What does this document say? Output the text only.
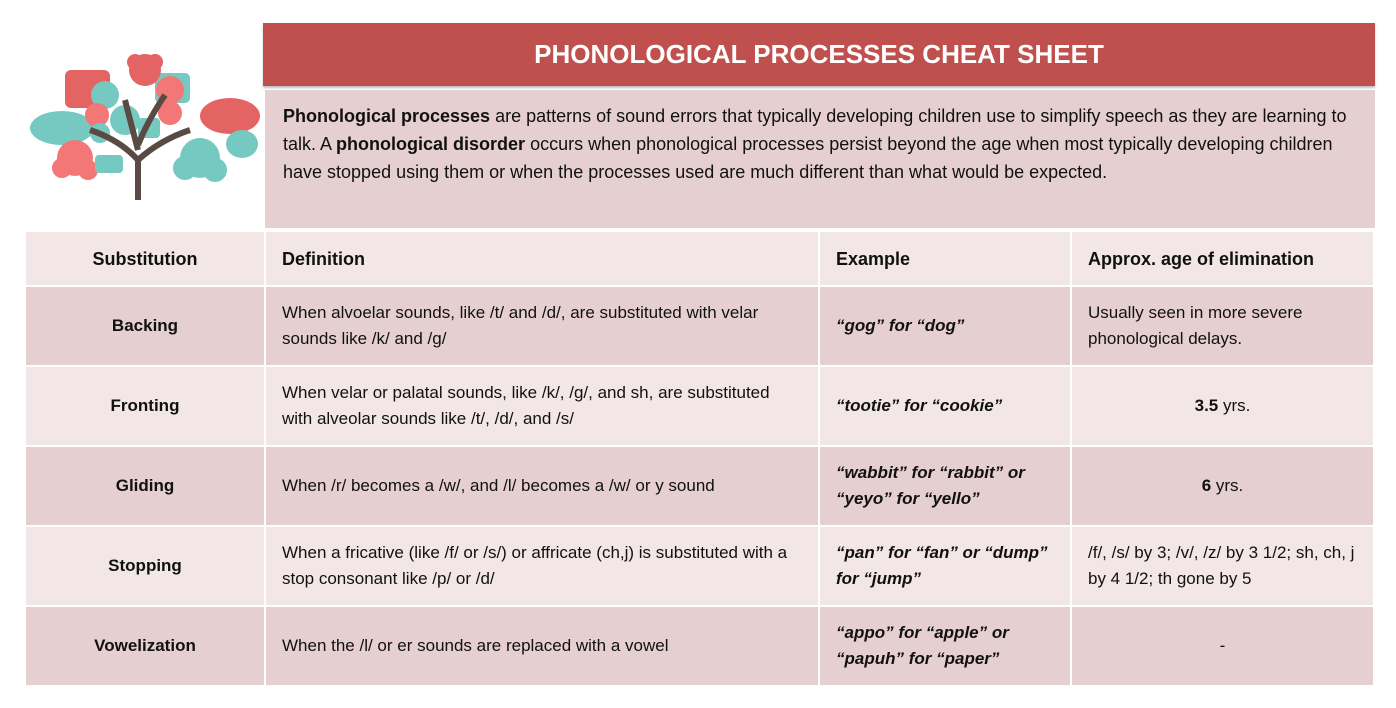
PHONOLOGICAL PROCESSES CHEAT SHEET
Phonological processes are patterns of sound errors that typically developing children use to simplify speech as they are learning to talk. A phonological disorder occurs when phonological processes persist beyond the age when most typically developing children have stopped using them or when the processes used are much different than what would be expected.
Substitution	Definition	Example	Approx. age of elimination
Backing	When alvoelar sounds, like /t/ and /d/, are substituted with velar sounds like /k/ and /g/	“gog” for “dog”	Usually seen in more severe phonological delays.
Fronting	When velar or palatal sounds, like /k/, /g/, and sh, are substituted with alveolar sounds like /t/, /d/, and /s/	“tootie” for “cookie”	3.5 yrs.
Gliding	When /r/ becomes a /w/, and /l/ becomes a /w/ or y sound	“wabbit” for “rabbit” or “yeyo” for “yello”	6 yrs.
Stopping	When a fricative (like /f/ or /s/) or affricate (ch,j) is substituted with a stop consonant like /p/ or /d/	“pan” for “fan” or “dump” for “jump”	/f/, /s/ by 3; /v/, /z/ by 3 1/2; sh, ch, j by 4 1/2; th gone by 5
Vowelization	When the /l/ or er sounds are replaced with a vowel	“appo” for “apple” or “papuh” for “paper”	-
